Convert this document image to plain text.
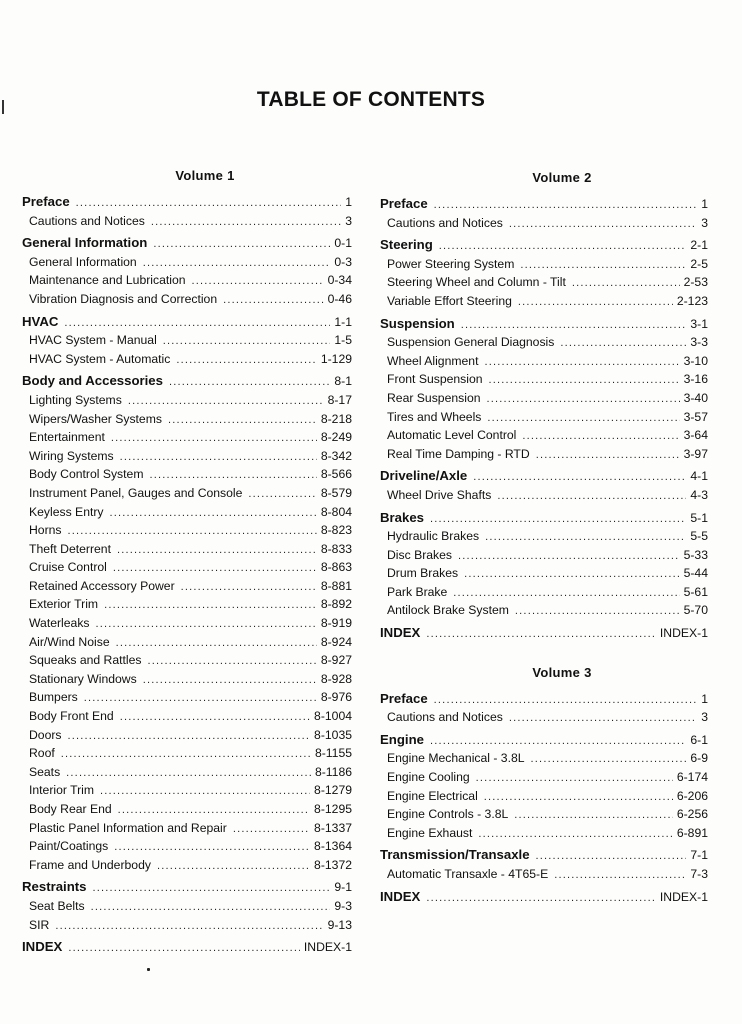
TABLE OF CONTENTS
Volume 1
Preface .....	1
Cautions and Notices .....	3
General Information .....	0-1
General Information .....	0-3
Maintenance and Lubrication .....	0-34
Vibration Diagnosis and Correction .....	0-46
HVAC .....	1-1
HVAC System - Manual .....	1-5
HVAC System - Automatic .....	1-129
Body and Accessories .....	8-1
Lighting Systems .....	8-17
Wipers/Washer Systems .....	8-218
Entertainment .....	8-249
Wiring Systems .....	8-342
Body Control System .....	8-566
Instrument Panel, Gauges and Console .....	8-579
Keyless Entry .....	8-804
Horns .....	8-823
Theft Deterrent .....	8-833
Cruise Control .....	8-863
Retained Accessory Power .....	8-881
Exterior Trim .....	8-892
Waterleaks .....	8-919
Air/Wind Noise .....	8-924
Squeaks and Rattles .....	8-927
Stationary Windows .....	8-928
Bumpers .....	8-976
Body Front End .....	8-1004
Doors .....	8-1035
Roof .....	8-1155
Seats .....	8-1186
Interior Trim .....	8-1279
Body Rear End .....	8-1295
Plastic Panel Information and Repair .....	8-1337
Paint/Coatings .....	8-1364
Frame and Underbody .....	8-1372
Restraints .....	9-1
Seat Belts .....	9-3
SIR .....	9-13
INDEX .....	INDEX-1
Volume 2
Preface .....	1
Cautions and Notices .....	3
Steering .....	2-1
Power Steering System .....	2-5
Steering Wheel and Column - Tilt .....	2-53
Variable Effort Steering .....	2-123
Suspension .....	3-1
Suspension General Diagnosis .....	3-3
Wheel Alignment .....	3-10
Front Suspension .....	3-16
Rear Suspension .....	3-40
Tires and Wheels .....	3-57
Automatic Level Control .....	3-64
Real Time Damping - RTD .....	3-97
Driveline/Axle .....	4-1
Wheel Drive Shafts .....	4-3
Brakes .....	5-1
Hydraulic Brakes .....	5-5
Disc Brakes .....	5-33
Drum Brakes .....	5-44
Park Brake .....	5-61
Antilock Brake System .....	5-70
INDEX .....	INDEX-1
Volume 3
Preface .....	1
Cautions and Notices .....	3
Engine .....	6-1
Engine Mechanical - 3.8L .....	6-9
Engine Cooling .....	6-174
Engine Electrical .....	6-206
Engine Controls - 3.8L .....	6-256
Engine Exhaust .....	6-891
Transmission/Transaxle .....	7-1
Automatic Transaxle - 4T65-E .....	7-3
INDEX .....	INDEX-1
